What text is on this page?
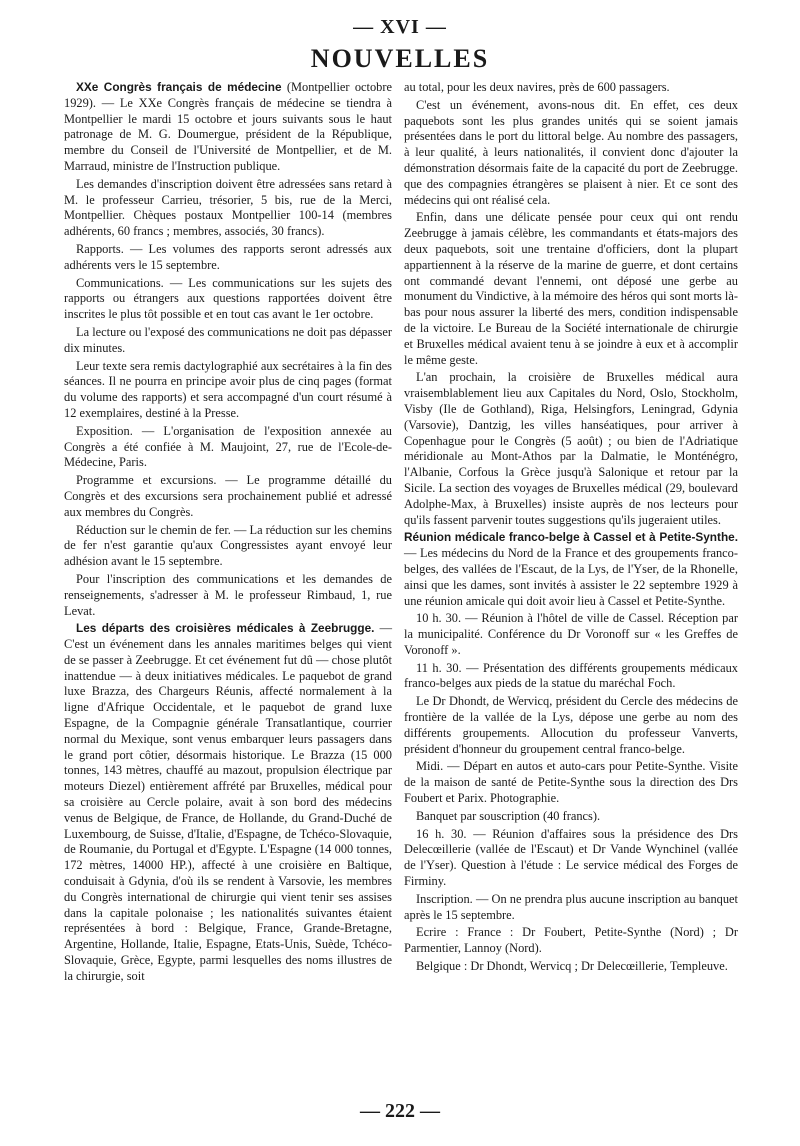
— XVI —
NOUVELLES

XXe Congrès français de médecine (Montpellier octobre 1929). — Le XXe Congrès français de médecine se tiendra à Montpellier le mardi 15 octobre et jours suivants sous le haut patronage de M. G. Doumergue, président de la République, membre du Conseil de l'Université de Montpellier, et de M. Marraud, ministre de l'Instruction publique.

Les demandes d'inscription doivent être adressées sans retard à M. le professeur Carrieu, trésorier, 5 bis, rue de la Merci, Montpellier. Chèques postaux Montpellier 100-14 (membres adhérents, 60 francs ; membres, associés, 30 francs).

Rapports. — Les volumes des rapports seront adressés aux adhérents vers le 15 septembre.

Communications. — Les communications sur les sujets des rapports ou étrangers aux questions rapportées doivent être inscrites le plus tôt possible et en tout cas avant le 1er octobre.

La lecture ou l'exposé des communications ne doit pas dépasser dix minutes.

Leur texte sera remis dactylographié aux secrétaires à la fin des séances. Il ne pourra en principe avoir plus de cinq pages (format du volume des rapports) et sera accompagné d'un court résumé à 12 exemplaires, destiné à la Presse.

Exposition. — L'organisation de l'exposition annexée au Congrès a été confiée à M. Maujoint, 27, rue de l'Ecole-de-Médecine, Paris.

Programme et excursions. — Le programme détaillé du Congrès et des excursions sera prochainement publié et adressé aux membres du Congrès.

Réduction sur le chemin de fer. — La réduction sur les chemins de fer n'est garantie qu'aux Congressistes ayant envoyé leur adhésion avant le 15 septembre.

Pour l'inscription des communications et les demandes de renseignements, s'adresser à M. le professeur Rimbaud, 1, rue Levat.

Les départs des croisières médicales à Zeebrugge. — C'est un événement dans les annales maritimes belges qui vient de se passer à Zeebrugge. Et cet événement fut dû — chose plutôt inattendue — à deux initiatives médicales. Le paquebot de grand luxe Brazza, des Chargeurs Réunis, affecté normalement à la ligne d'Afrique Occidentale, et le paquebot de grand luxe Espagne, de la Compagnie générale Transatlantique, courrier normal du Mexique, sont venus embarquer leurs passagers dans le grand port côtier, désormais historique. Le Brazza (15 000 tonnes, 143 mètres, chauffé au mazout, propulsion électrique par moteurs Diezel) entièrement affrété par Bruxelles, médical pour sa croisière au Cercle polaire, avait à son bord des médecins venus de Belgique, de France, de Hollande, du Grand-Duché de Luxembourg, de Suisse, d'Italie, d'Espagne, de Tchéco-Slovaquie, de Roumanie, du Portugal et d'Egypte. L'Espagne (14 000 tonnes, 172 mètres, 14000 HP.), affecté à une croisière en Baltique, conduisait à Gdynia, d'où ils se rendent à Varsovie, les membres du Congrès international de chirurgie qui vient tenir ses assises dans la capitale polonaise ; les nationalités suivantes étaient représentées à bord : Belgique, France, Grande-Bretagne, Argentine, Hollande, Italie, Espagne, Etats-Unis, Suède, Tchéco-Slovaquie, Grèce, Egypte, parmi lesquelles des noms illustres de la chirurgie, soit

au total, pour les deux navires, près de 600 passagers.

C'est un événement, avons-nous dit. En effet, ces deux paquebots sont les plus grandes unités qui se soient jamais présentées dans le port du littoral belge. Au nombre des passagers, à leur qualité, à leurs nationalités, il convient donc d'ajouter la démonstration désormais faite de la capacité du port de Zeebrugge. que des compagnies étrangères se plaisent à nier. Et ce sont des médecins qui ont réalisé cela.

Enfin, dans une délicate pensée pour ceux qui ont rendu Zeebrugge à jamais célèbre, les commandants et états-majors des deux paquebots, soit une trentaine d'officiers, dont la plupart appartiennent à la réserve de la marine de guerre, et dont certains ont commandé devant l'ennemi, ont déposé une gerbe au monument du Vindictive, à la mémoire des héros qui sont morts là-bas pour nous assurer la liberté des mers, condition indispensable de la victoire. Le Bureau de la Société internationale de chirurgie et Bruxelles médical avaient tenu à se joindre à eux et à accomplir le même geste.

L'an prochain, la croisière de Bruxelles médical aura vraisemblablement lieu aux Capitales du Nord, Oslo, Stockholm, Visby (Ile de Gothland), Riga, Helsingfors, Leningrad, Gdynia (Varsovie), Dantzig, les villes hanséatiques, pour arriver à Copenhague pour le Congrès (5 août) ; ou bien de l'Adriatique méridionale au Mont-Athos par la Dalmatie, le Monténégro, l'Albanie, Corfous la Grèce jusqu'à Salonique et retour par la Sicile. La section des voyages de Bruxelles médical (29, boulevard Adolphe-Max, à Bruxelles) insiste auprès de nos lecteurs pour qu'ils fassent parvenir toutes suggestions qu'ils jugeraient utiles.

Réunion médicale franco-belge à Cassel et à Petite-Synthe. — Les médecins du Nord de la France et des groupements franco-belges, des vallées de l'Escaut, de la Lys, de l'Yser, de la Rhonelle, ainsi que les dames, sont invités à assister le 22 septembre 1929 à une réunion amicale qui doit avoir lieu à Cassel et Petite-Synthe.

10 h. 30. — Réunion à l'hôtel de ville de Cassel. Réception par la municipalité. Conférence du Dr Voronoff sur « les Greffes de Voronoff ».

11 h. 30. — Présentation des différents groupements médicaux franco-belges aux pieds de la statue du maréchal Foch.

Le Dr Dhondt, de Wervicq, président du Cercle des médecins de frontière de la vallée de la Lys, dépose une gerbe au nom des différents groupements. Allocution du professeur Vanverts, président d'honneur du groupement central franco-belge.

Midi. — Départ en autos et auto-cars pour Petite-Synthe. Visite de la maison de santé de Petite-Synthe sous la direction des Drs Foubert et Parix. Photographie.

Banquet par souscription (40 francs).

16 h. 30. — Réunion d'affaires sous la présidence des Drs Delecœillerie (vallée de l'Escaut) et Dr Vande Wynchinel (vallée de l'Yser). Question à l'étude : Le service médical des Forges de Firminy.

Inscription. — On ne prendra plus aucune inscription au banquet après le 15 septembre.

Ecrire : France : Dr Foubert, Petite-Synthe (Nord) ; Dr Parmentier, Lannoy (Nord).

Belgique : Dr Dhondt, Wervicq ; Dr Delecœillerie, Templeuve.

— 222 —
